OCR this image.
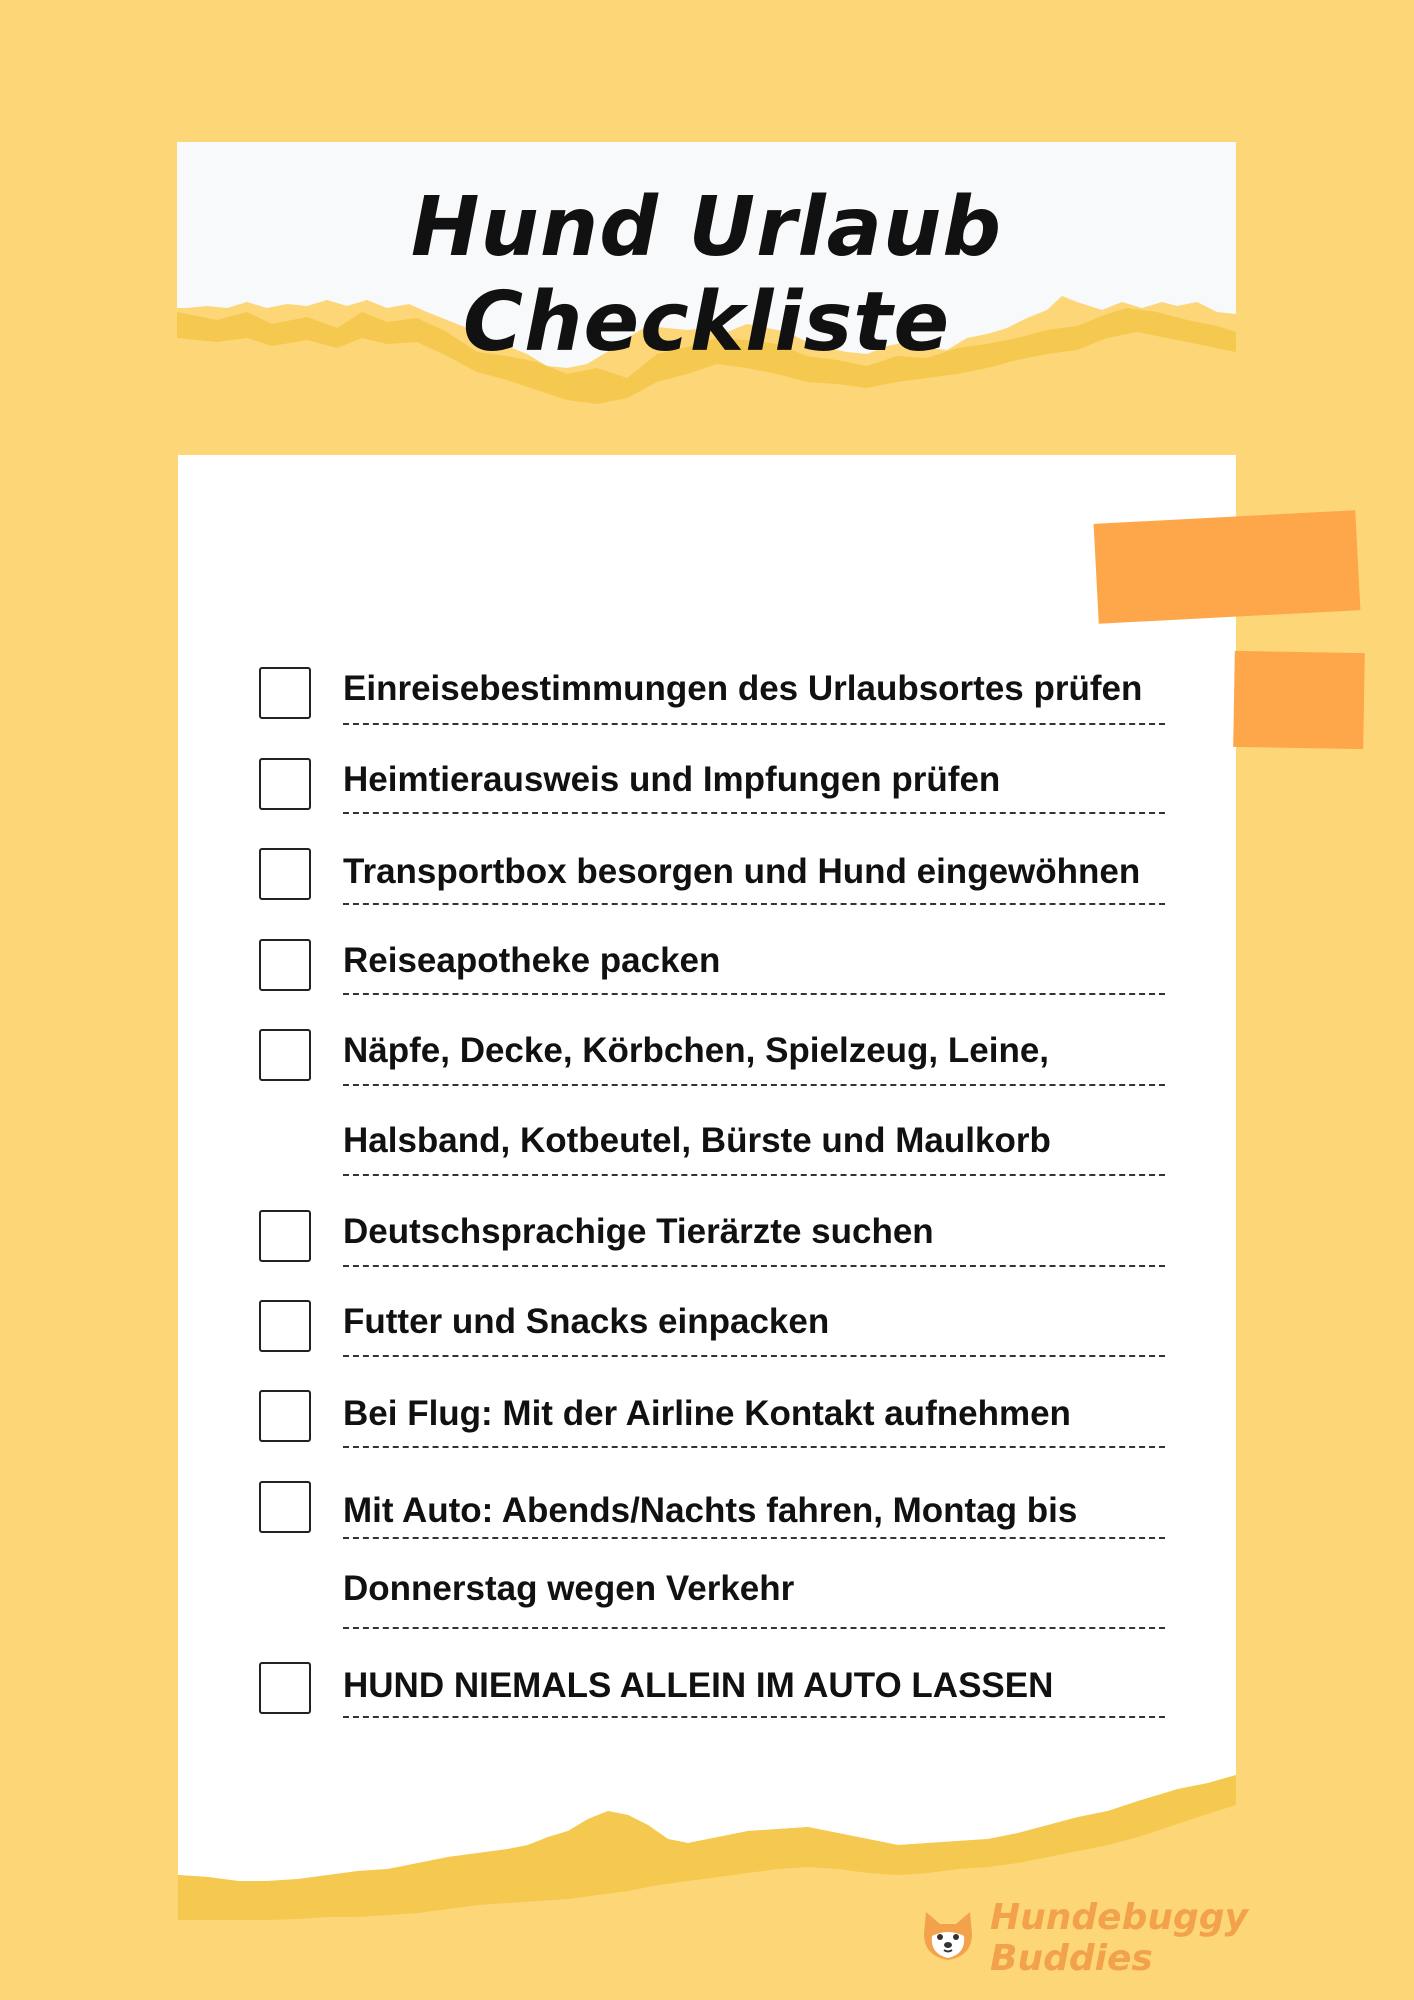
Hund Urlaub Checkliste
Einreisebestimmungen des Urlaubsortes prüfen
Heimtierausweis und Impfungen prüfen
Transportbox besorgen und Hund eingewöhnen
Reiseapotheke packen
Näpfe, Decke, Körbchen, Spielzeug, Leine,
Halsband, Kotbeutel, Bürste und Maulkorb
Deutschsprachige Tierärzte suchen
Futter und Snacks einpacken
Bei Flug: Mit der Airline Kontakt aufnehmen
Mit Auto: Abends/Nachts fahren, Montag bis
Donnerstag wegen Verkehr
HUND NIEMALS ALLEIN IM AUTO LASSEN
Hundebuggy Buddies
